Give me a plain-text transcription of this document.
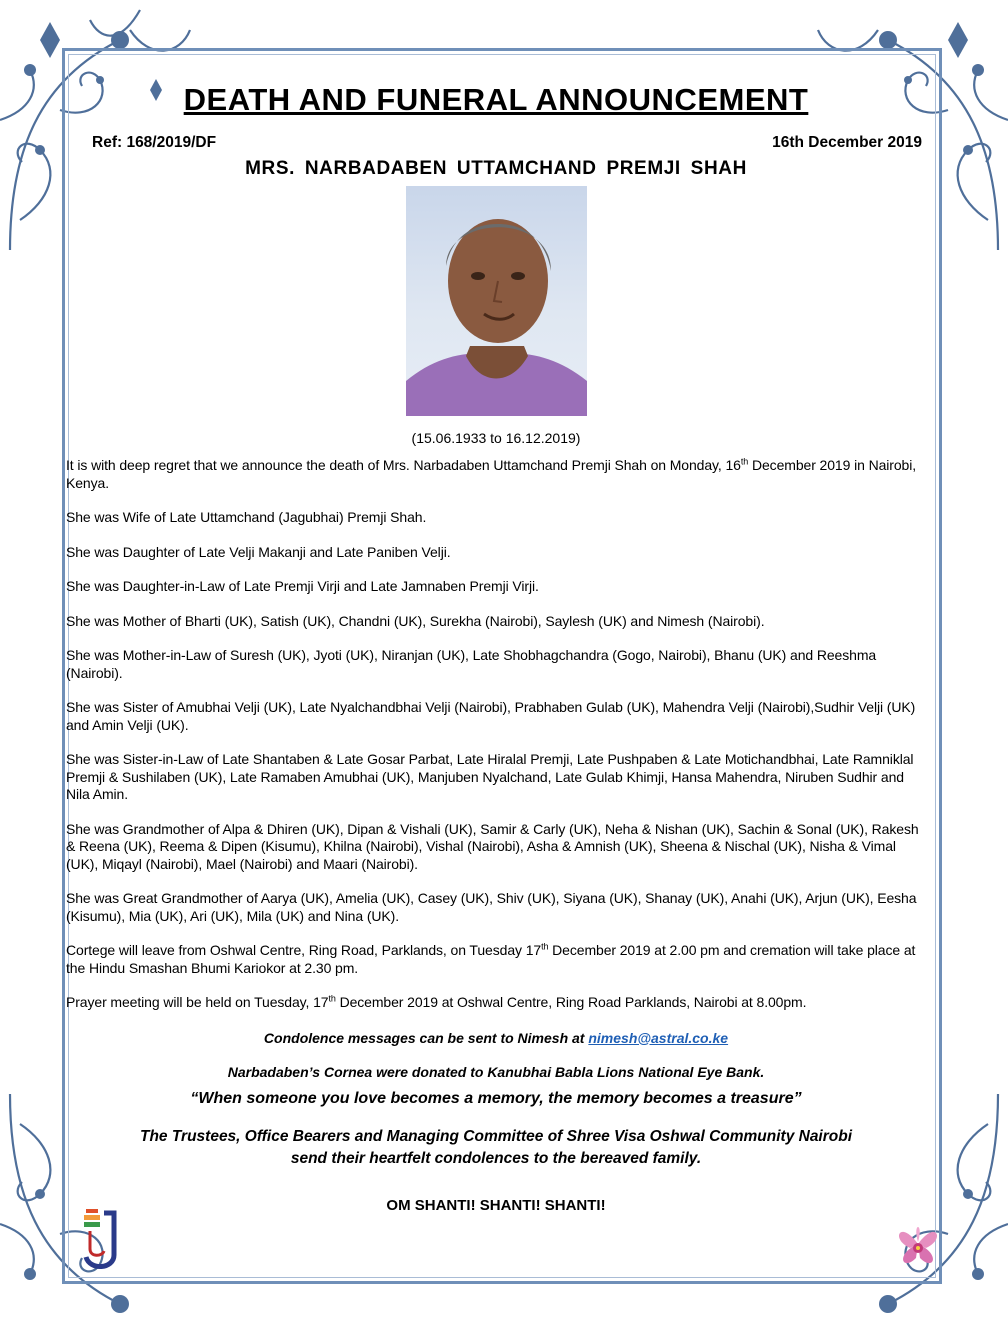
DEATH AND FUNERAL ANNOUNCEMENT
Ref: 168/2019/DF	16th December 2019
MRS. NARBADABEN UTTAMCHAND PREMJI SHAH
(15.06.1933 to 16.12.2019)

It is with deep regret that we announce the death of Mrs. Narbadaben Uttamchand Premji Shah on Monday, 16th December 2019 in Nairobi, Kenya.

She was Wife of Late Uttamchand (Jagubhai) Premji Shah.

She was Daughter of Late Velji Makanji and Late Paniben Velji.

She was Daughter-in-Law of Late Premji Virji and Late Jamnaben Premji Virji.

She was Mother of Bharti (UK), Satish (UK), Chandni (UK), Surekha (Nairobi), Saylesh (UK) and Nimesh (Nairobi).

She was Mother-in-Law of Suresh (UK), Jyoti (UK), Niranjan (UK), Late Shobhagchandra (Gogo, Nairobi), Bhanu (UK) and Reeshma (Nairobi).

She was Sister of Amubhai Velji (UK), Late Nyalchandbhai Velji (Nairobi), Prabhaben Gulab (UK), Mahendra Velji (Nairobi),Sudhir Velji (UK) and Amin Velji (UK).

She was Sister-in-Law of Late Shantaben & Late Gosar Parbat, Late Hiralal Premji, Late Pushpaben & Late Motichandbhai, Late Ramniklal Premji & Sushilaben (UK), Late Ramaben Amubhai (UK), Manjuben Nyalchand, Late Gulab Khimji, Hansa Mahendra, Niruben Sudhir and Nila Amin.

She was Grandmother of Alpa & Dhiren (UK), Dipan & Vishali (UK), Samir & Carly (UK), Neha & Nishan (UK), Sachin & Sonal (UK), Rakesh & Reena (UK), Reema & Dipen (Kisumu), Khilna (Nairobi), Vishal (Nairobi), Asha & Amnish (UK), Sheena & Nischal (UK), Nisha & Vimal (UK), Miqayl (Nairobi), Mael (Nairobi) and Maari (Nairobi).

She was Great Grandmother of Aarya (UK), Amelia (UK), Casey (UK), Shiv (UK), Siyana (UK), Shanay (UK), Anahi (UK), Arjun (UK), Eesha (Kisumu), Mia (UK), Ari (UK), Mila (UK) and Nina (UK).

Cortege will leave from Oshwal Centre, Ring Road, Parklands, on Tuesday 17th December 2019 at 2.00 pm and cremation will take place at the Hindu Smashan Bhumi Kariokor at 2.30 pm.

Prayer meeting will be held on Tuesday, 17th December 2019 at Oshwal Centre, Ring Road Parklands, Nairobi at 8.00pm.

Condolence messages can be sent to Nimesh at nimesh@astral.co.ke
Narbadaben’s Cornea were donated to Kanubhai Babla Lions National Eye Bank.
“When someone you love becomes a memory, the memory becomes a treasure”
The Trustees, Office Bearers and Managing Committee of Shree Visa Oshwal Community Nairobi
send their heartfelt condolences to the bereaved family.
OM SHANTI! SHANTI! SHANTI!
